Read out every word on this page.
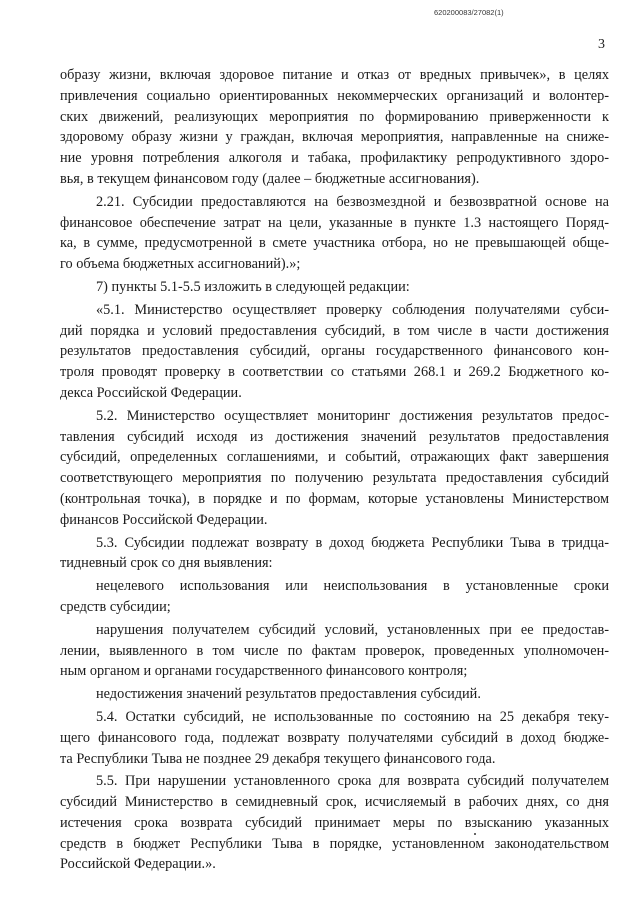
620200083/27082(1)
3
образу жизни, включая здоровое питание и отказ от вредных привычек», в целях
привлечения социально ориентированных некоммерческих организаций и волонтер-
ских движений, реализующих мероприятия по формированию приверженности к
здоровому образу жизни у граждан, включая мероприятия, направленные на сниже-
ние уровня потребления алкоголя и табака, профилактику репродуктивного здоро-
вья, в текущем финансовом году (далее – бюджетные ассигнования).
2.21. Субсидии предоставляются на безвозмездной и безвозвратной основе на
финансовое обеспечение затрат на цели, указанные в пункте 1.3 настоящего Поряд-
ка, в сумме, предусмотренной в смете участника отбора, но не превышающей обще-
го объема бюджетных ассигнований).»;
7) пункты 5.1-5.5 изложить в следующей редакции:
«5.1. Министерство осуществляет проверку соблюдения получателями субси-
дий порядка и условий предоставления субсидий, в том числе в части достижения
результатов предоставления субсидий, органы государственного финансового кон-
троля проводят проверку в соответствии со статьями 268.1 и 269.2 Бюджетного ко-
декса Российской Федерации.
5.2. Министерство осуществляет мониторинг достижения результатов предос-
тавления субсидий исходя из достижения значений результатов предоставления
субсидий, определенных соглашениями, и событий, отражающих факт завершения
соответствующего мероприятия по получению результата предоставления субсидий
(контрольная точка), в порядке и по формам, которые установлены Министерством
финансов Российской Федерации.
5.3. Субсидии подлежат возврату в доход бюджета Республики Тыва в тридца-
тидневный срок со дня выявления:
нецелевого использования или неиспользования в установленные сроки
средств субсидии;
нарушения получателем субсидий условий, установленных при ее предостав-
лении, выявленного в том числе по фактам проверок, проведенных уполномочен-
ным органом и органами государственного финансового контроля;
недостижения значений результатов предоставления субсидий.
5.4. Остатки субсидий, не использованные по состоянию на 25 декабря теку-
щего финансового года, подлежат возврату получателями субсидий в доход бюдже-
та Республики Тыва не позднее 29 декабря текущего финансового года.
5.5. При нарушении установленного срока для возврата субсидий получателем
субсидий Министерство в семидневный срок, исчисляемый в рабочих днях, со дня
истечения срока возврата субсидий принимает меры по взысканию указанных
средств в бюджет Республики Тыва в порядке, установленном законодательством
Российской Федерации.».
